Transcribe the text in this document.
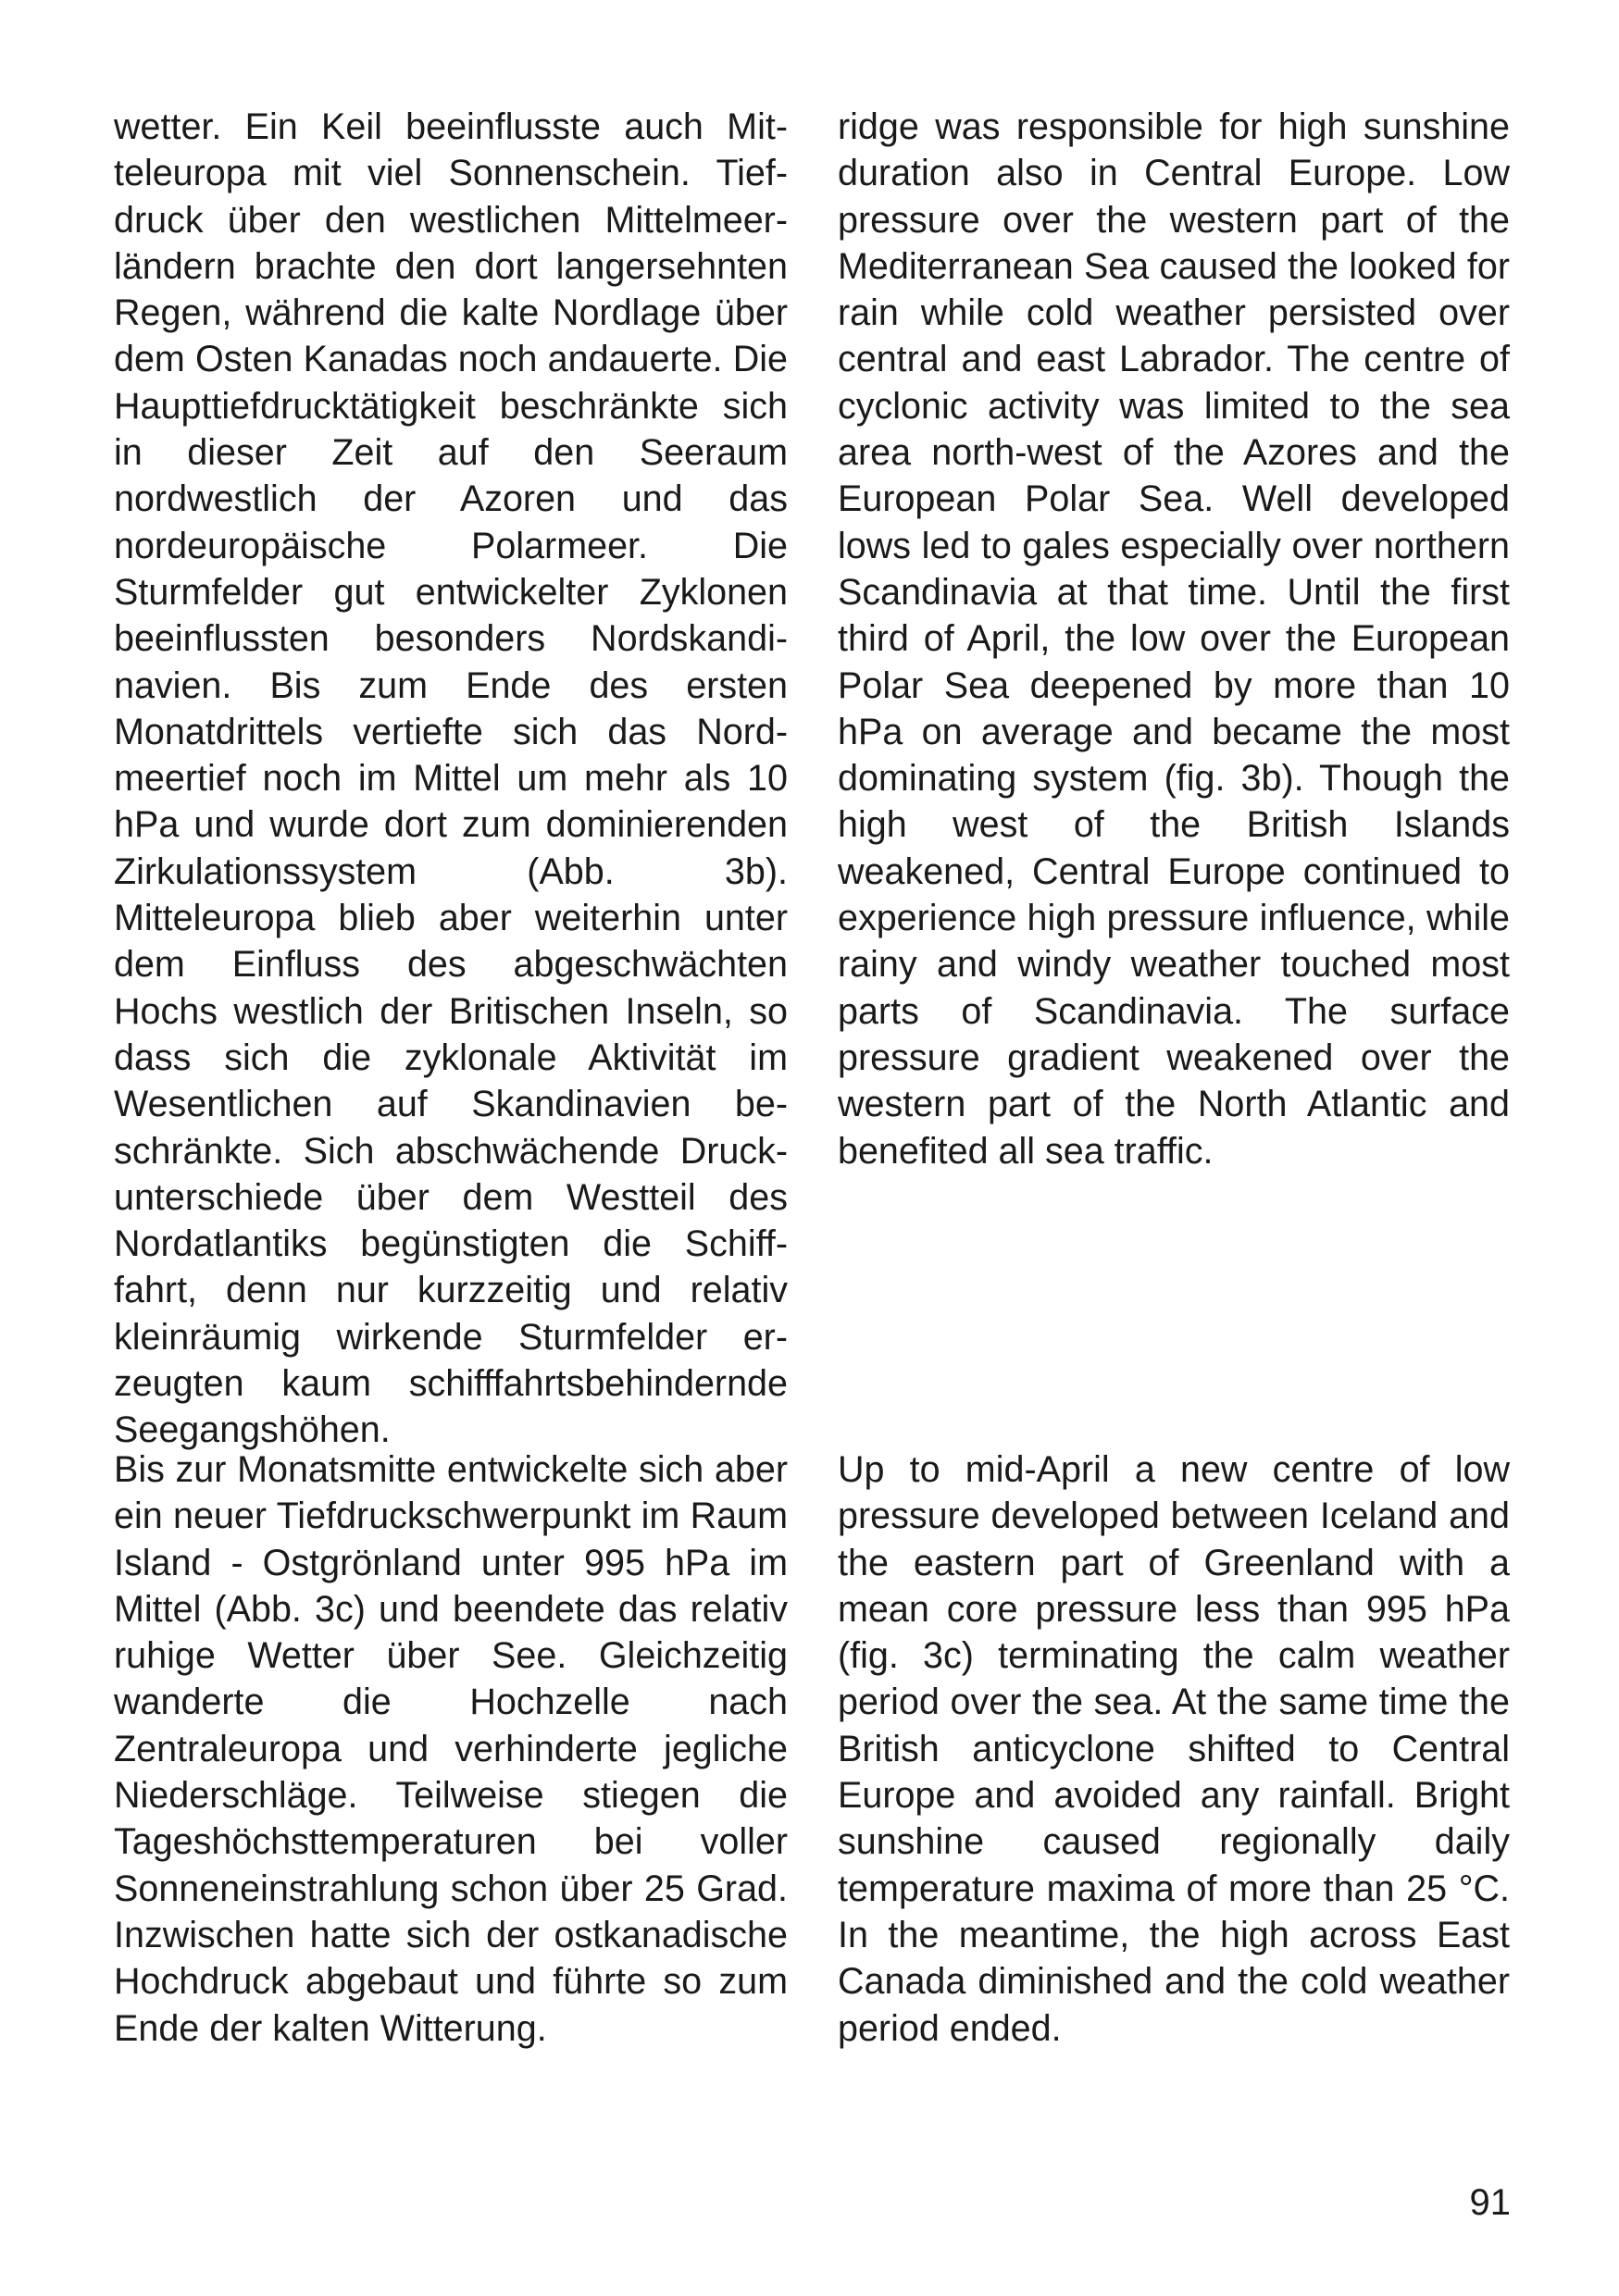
wetter. Ein Keil beeinflusste auch Mitteleuropa mit viel Sonnenschein. Tiefdruck über den westlichen Mittelmeerländern brachte den dort langersehnten Regen, während die kalte Nordlage über dem Osten Kanadas noch andauerte. Die Haupttiefdrucktätigkeit beschränkte sich in dieser Zeit auf den Seeraum nordwestlich der Azoren und das nordeuropäische Polarmeer. Die Sturmfelder gut entwickelter Zyklonen beeinflussten besonders Nordskandinavien. Bis zum Ende des ersten Monatdrittels vertiefte sich das Nordmeertief noch im Mittel um mehr als 10 hPa und wurde dort zum dominierenden Zirkulationssystem (Abb. 3b). Mitteleuropa blieb aber weiterhin unter dem Einfluss des abgeschwächten Hochs westlich der Britischen Inseln, so dass sich die zyklonale Aktivität im Wesentlichen auf Skandinavien beschränkte. Sich abschwächende Druckunterschiede über dem Westteil des Nordatlantiks begünstigten die Schifffahrt, denn nur kurzzeitig und relativ kleinräumig wirkende Sturmfelder erzeugten kaum schifffahrtsbehindernde Seegangshöhen.

Bis zur Monatsmitte entwickelte sich aber ein neuer Tiefdruckschwerpunkt im Raum Island - Ostgrönland unter 995 hPa im Mittel (Abb. 3c) und beendete das relativ ruhige Wetter über See. Gleichzeitig wanderte die Hochzelle nach Zentraleuropa und verhinderte jegliche Niederschläge. Teilweise stiegen die Tageshöchsttemperaturen bei voller Sonneneinstrahlung schon über 25 Grad. Inzwischen hatte sich der ostkanadische Hochdruck abgebaut und führte so zum Ende der kalten Witterung.

ridge was responsible for high sunshine duration also in Central Europe. Low pressure over the western part of the Mediterranean Sea caused the looked for rain while cold weather persisted over central and east Labrador. The centre of cyclonic activity was limited to the sea area north-west of the Azores and the European Polar Sea. Well developed lows led to gales especially over northern Scandinavia at that time. Until the first third of April, the low over the European Polar Sea deepened by more than 10 hPa on average and became the most dominating system (fig. 3b). Though the high west of the British Islands weakened, Central Europe continued to experience high pressure influence, while rainy and windy weather touched most parts of Scandinavia. The surface pressure gradient weakened over the western part of the North Atlantic and benefited all sea traffic.

Up to mid-April a new centre of low pressure developed between Iceland and the eastern part of Greenland with a mean core pressure less than 995 hPa (fig. 3c) terminating the calm weather period over the sea. At the same time the British anticyclone shifted to Central Europe and avoided any rainfall. Bright sunshine caused regionally daily temperature maxima of more than 25 °C. In the meantime, the high across East Canada diminished and the cold weather period ended.

91
